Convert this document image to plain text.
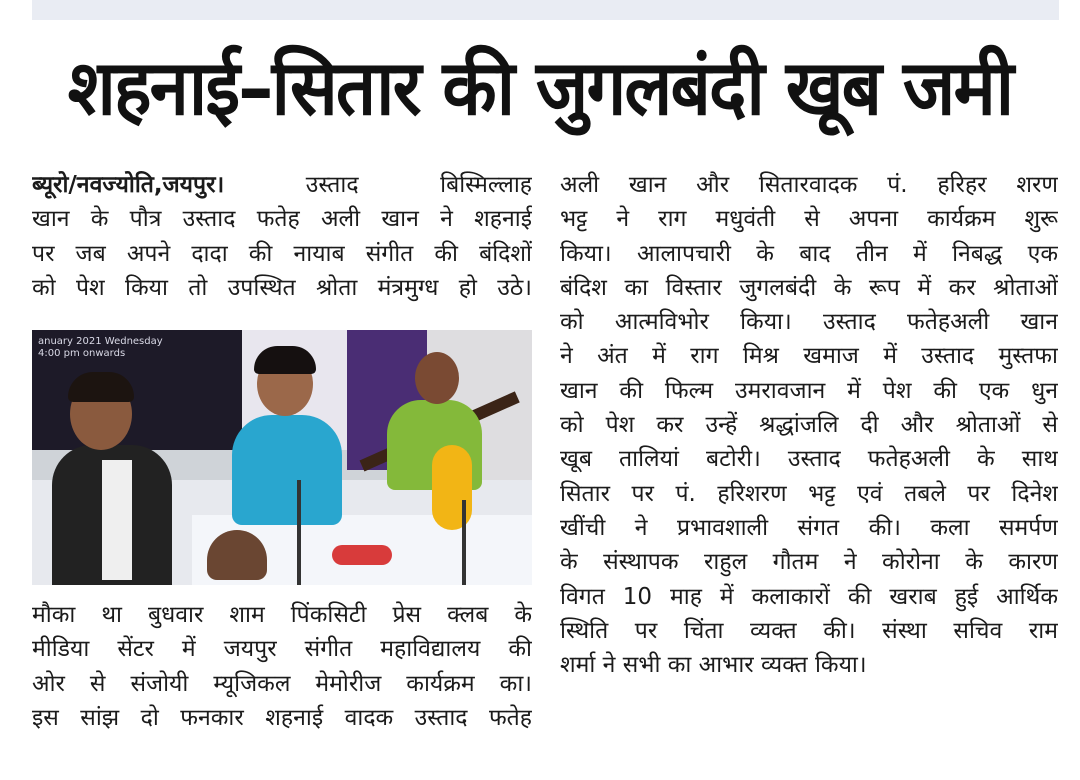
शहनाई–सितार की जुगलबंदी खूब जमी
ब्यूरो/नवज्योति,जयपुर। उस्ताद बिस्मिल्लाह
खान के पौत्र उस्ताद फतेह अली खान ने शहनाई
पर जब अपने दादा की नायाब संगीत की बंदिशों
को पेश किया तो उपस्थित श्रोता मंत्रमुग्ध हो उठे।
anuary 2021 Wednesday
4:00 pm onwards
मौका था बुधवार शाम पिंकसिटी प्रेस क्लब के
मीडिया सेंटर में जयपुर संगीत महाविद्यालय की
ओर से संजोयी म्यूजिकल मेमोरीज कार्यक्रम का।
इस सांझ दो फनकार शहनाई वादक उस्ताद फतेह
अली खान और सितारवादक पं. हरिहर शरण
भट्ट ने राग मधुवंती से अपना कार्यक्रम शुरू
किया। आलापचारी के बाद तीन में निबद्ध एक
बंदिश का विस्तार जुगलबंदी के रूप में कर श्रोताओं
को आत्मविभोर किया। उस्ताद फतेहअली खान
ने अंत में राग मिश्र खमाज में उस्ताद मुस्तफा
खान की फिल्म उमरावजान में पेश की एक धुन
को पेश कर उन्हें श्रद्धांजलि दी और श्रोताओं से
खूब तालियां बटोरी। उस्ताद फतेहअली के साथ
सितार पर पं. हरिशरण भट्ट एवं तबले पर दिनेश
खींची ने प्रभावशाली संगत की। कला समर्पण
के संस्थापक राहुल गौतम ने कोरोना के कारण
विगत 10 माह में कलाकारों की खराब हुई आर्थिक
स्थिति पर चिंता व्यक्त की। संस्था सचिव राम
शर्मा ने सभी का आभार व्यक्त किया।
